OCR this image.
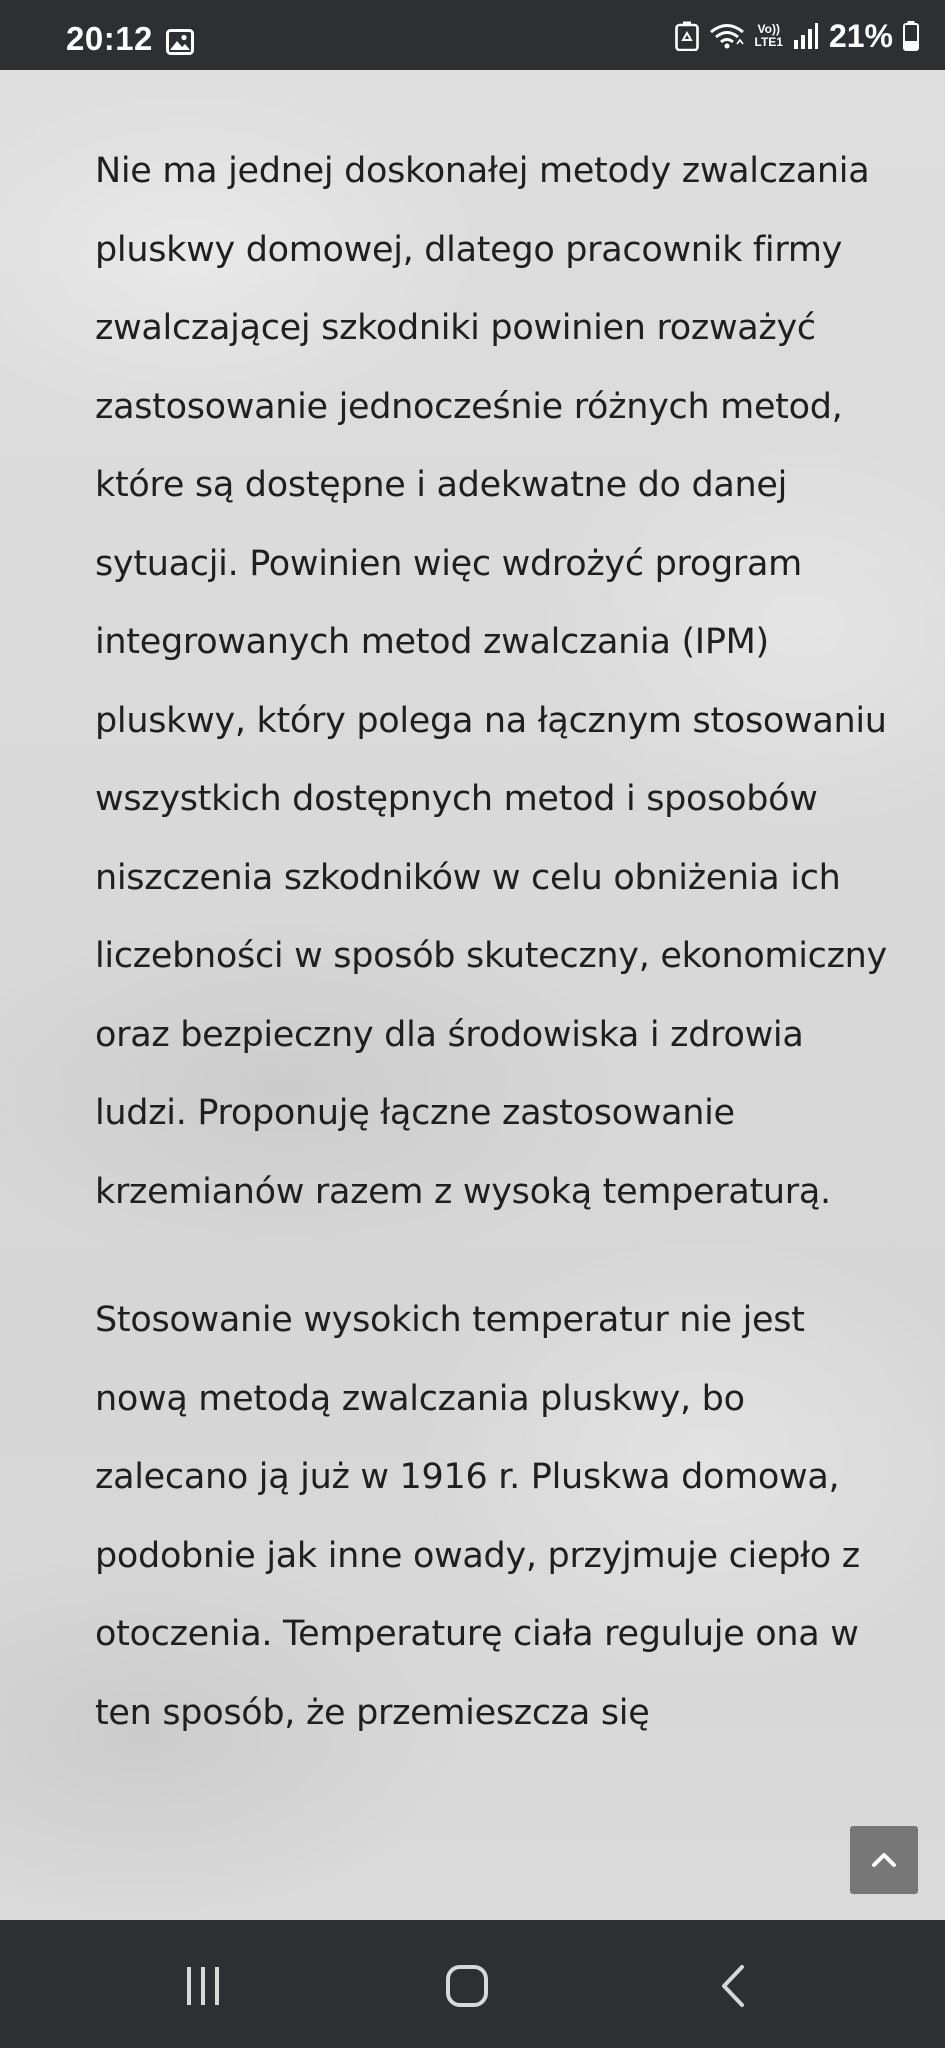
20:12	Vo))
LTE1 21%

Nie ma jednej doskonałej metody zwalczania pluskwy domowej, dlatego pracownik firmy zwalczającej szkodniki powinien rozważyć zastosowanie jednocześnie różnych metod, które są dostępne i adekwatne do danej sytuacji. Powinien więc wdrożyć program integrowanych metod zwalczania (IPM) pluskwy, który polega na łącznym stosowaniu wszystkich dostępnych metod i sposobów niszczenia szkodników w celu obniżenia ich liczebności w sposób skuteczny, ekonomiczny oraz bezpieczny dla środowiska i zdrowia ludzi. Proponuję łączne zastosowanie krzemianów razem z wysoką temperaturą.

Stosowanie wysokich temperatur nie jest nową metodą zwalczania pluskwy, bo zalecano ją już w 1916 r. Pluskwa domowa, podobnie jak inne owady, przyjmuje ciepło z otoczenia. Temperaturę ciała reguluje ona w ten sposób, że przemieszcza się
